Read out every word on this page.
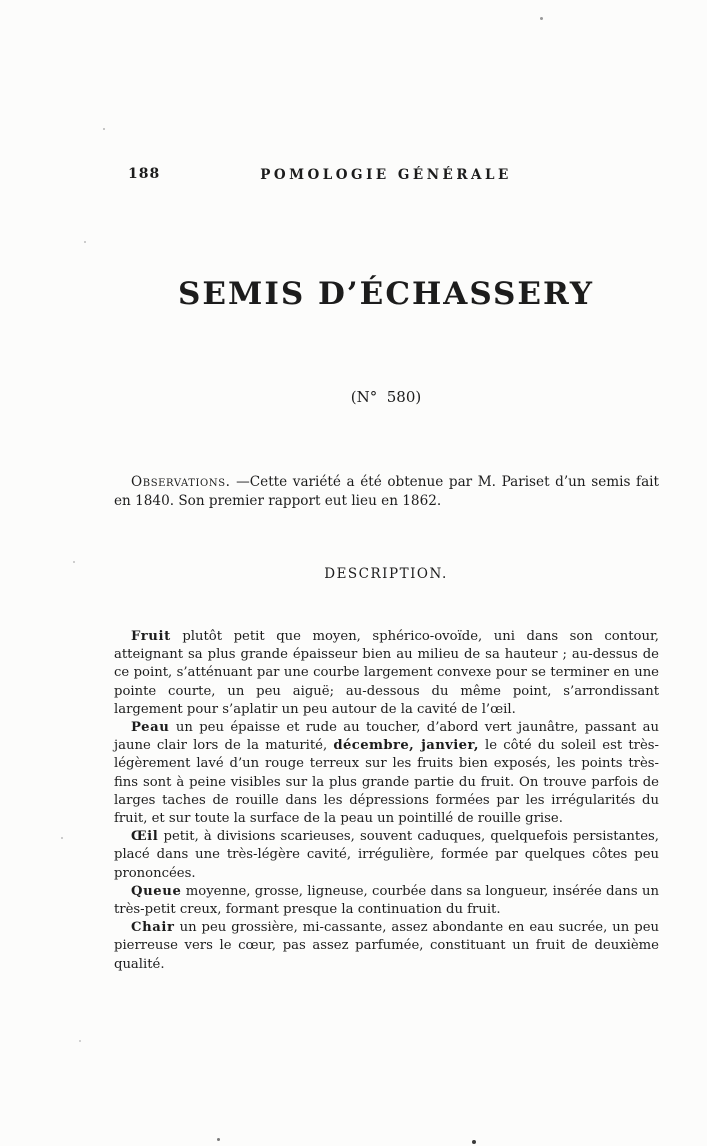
188	POMOLOGIE GÉNÉRALE
SEMIS D’ÉCHASSERY
(N°  580)
Observations. —Cette variété a été obtenue par M. Pariset d’un semis fait en 1840. Son premier rapport eut lieu en 1862.
DESCRIPTION.

Fruit plutôt petit que moyen, sphérico-ovoïde, uni dans son contour, atteignant sa plus grande épaisseur bien au milieu de sa hauteur ; au-dessus de ce point, s’atténuant par une courbe largement convexe pour se terminer en une pointe courte, un peu aiguë; au-dessous du même point, s’arrondissant largement pour s’aplatir un peu autour de la cavité de l’œil.

Peau un peu épaisse et rude au toucher, d’abord vert jaunâtre, passant au jaune clair lors de la maturité, décembre, janvier, le côté du soleil est très-légèrement lavé d’un rouge terreux sur les fruits bien exposés, les points très-fins sont à peine visibles sur la plus grande partie du fruit. On trouve parfois de larges taches de rouille dans les dépressions formées par les irrégularités du fruit, et sur toute la surface de la peau un pointillé de rouille grise.

Œil petit, à divisions scarieuses, souvent caduques, quelquefois persistantes, placé dans une très-légère cavité, irrégulière, formée par quelques côtes peu prononcées.

Queue moyenne, grosse, ligneuse, courbée dans sa longueur, insérée dans un très-petit creux, formant presque la continuation du fruit.

Chair un peu grossière, mi-cassante, assez abondante en eau sucrée, un peu pierreuse vers le cœur, pas assez parfumée, constituant un fruit de deuxième qualité.
